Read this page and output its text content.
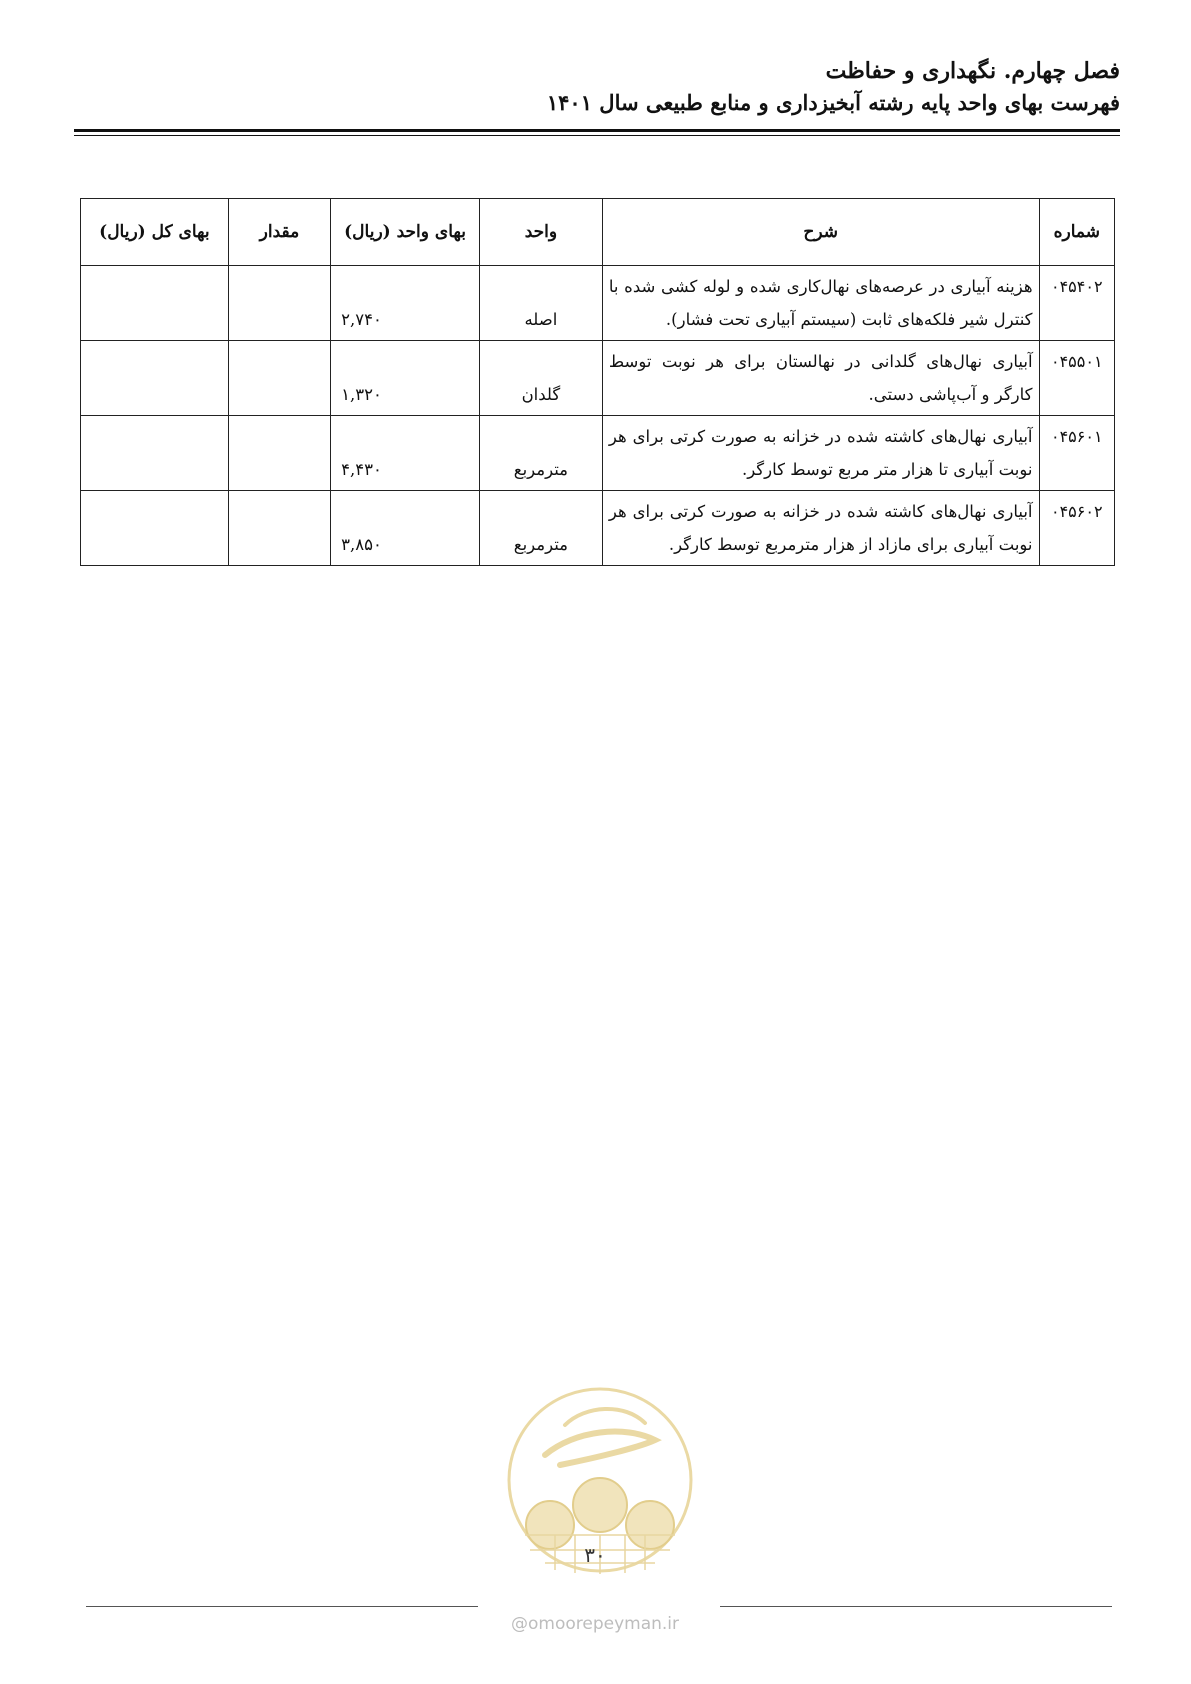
فصل چهارم. نگهداری و حفاظت
فهرست بهای واحد پایه رشته آبخیزداری و منابع طبیعی سال ۱۴۰۱
شماره	شرح	واحد	بهای واحد (ریال)	مقدار	بهای کل (ریال)
۰۴۵۴۰۲	هزینه آبیاری در عرصه‌های نهال‌کاری شده و لوله کشی شده با کنترل شیر فلکه‌های ثابت (سیستم آبیاری تحت فشار).	اصله	۲,۷۴۰		
۰۴۵۵۰۱	آبیاری نهال‌های گلدانی در نهالستان برای هر نوبت توسط کارگر و آب‌پاشی دستی.	گلدان	۱,۳۲۰		
۰۴۵۶۰۱	آبیاری نهال‌های کاشته شده در خزانه به صورت کرتی برای هر نوبت آبیاری تا هزار متر مربع توسط کارگر.	مترمربع	۴,۴۳۰		
۰۴۵۶۰۲	آبیاری نهال‌های کاشته شده در خزانه به صورت کرتی برای هر نوبت آبیاری برای مازاد از هزار مترمربع توسط کارگر.	مترمربع	۳,۸۵۰		
۳۰
@omoorepeyman.ir
